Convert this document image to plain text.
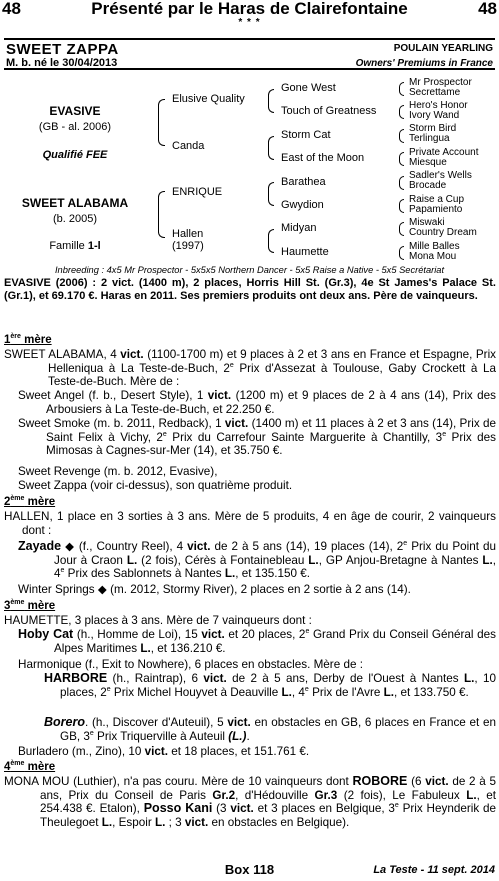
48	Présenté par le Haras de Clairefontaine	48
* * *
SWEET ZAPPA	POULAIN YEARLING
M. b. né le 30/04/2013	Owners' Premiums in France
EVASIVE
(GB - al. 2006)
Qualifié FEE
SWEET ALABAMA
(b. 2005)
Famille 1-l
Elusive Quality
Canda
ENRIQUE
Hallen
(1997)
Gone West
Touch of Greatness
Storm Cat
East of the Moon
Barathea
Gwydion
Midyan
Haumette
Mr Prospector
Secrettame
Hero's Honor
Ivory Wand
Storm Bird
Terlingua
Private Account
Miesque
Sadler's Wells
Brocade
Raise a Cup
Papamiento
Miswaki
Country Dream
Mille Balles
Mona Mou
Inbreeding : 4x5 Mr Prospector - 5x5x5 Northern Dancer - 5x5 Raise a Native - 5x5 Secrétariat
EVASIVE (2006) : 2 vict. (1400 m), 2 places, Horris Hill St. (Gr.3), 4e St James's Palace St. (Gr.1), et 69.170 €. Haras en 2011. Ses premiers produits ont deux ans. Père de vainqueurs.
1ère mère
SWEET ALABAMA, 4 vict. (1100-1700 m) et 9 places à 2 et 3 ans en France et Espagne, Prix Helleniqua à La Teste-de-Buch, 2e Prix d'Assezat à Toulouse, Gaby Crockett à La Teste-de-Buch. Mère de :
Sweet Angel (f. b., Desert Style), 1 vict. (1200 m) et 9 places de 2 à 4 ans (14), Prix des Arbousiers à La Teste-de-Buch, et 22.250 €.
Sweet Smoke (m. b. 2011, Redback), 1 vict. (1400 m) et 11 places à 2 et 3 ans (14), Prix de Saint Felix à Vichy, 2e Prix du Carrefour Sainte Marguerite à Chantilly, 3e Prix des Mimosas à Cagnes-sur-Mer (14), et 35.750 €.
Sweet Revenge (m. b. 2012, Evasive),
Sweet Zappa (voir ci-dessus), son quatrième produit.
2ème mère
HALLEN, 1 place en 3 sorties à 3 ans. Mère de 5 produits, 4 en âge de courir, 2 vainqueurs dont :
Zayade ◆ (f., Country Reel), 4 vict. de 2 à 5 ans (14), 19 places (14), 2e Prix du Point du Jour à Craon L. (2 fois), Cérès à Fontainebleau L., GP Anjou-Bretagne à Nantes L., 4e Prix des Sablonnets à Nantes L., et 135.150 €.
Winter Springs ◆ (m. 2012, Stormy River), 2 places en 2 sortie à 2 ans (14).
3ème mère
HAUMETTE, 3 places à 3 ans. Mère de 7 vainqueurs dont :
Hoby Cat (h., Homme de Loi), 15 vict. et 20 places, 2e Grand Prix du Conseil Général des Alpes Maritimes L., et 136.210 €.
Harmonique (f., Exit to Nowhere), 6 places en obstacles. Mère de :
HARBORE (h., Raintrap), 6 vict. de 2 à 5 ans, Derby de l'Ouest à Nantes L., 10 places, 2e Prix Michel Houyvet à Deauville L., 4e Prix de l'Avre L., et 133.750 €.
Borero. (h., Discover d'Auteuil), 5 vict. en obstacles en GB, 6 places en France et en GB, 3e Prix Triquerville à Auteuil (L.).
Burladero (m., Zino), 10 vict. et 18 places, et 151.761 €.
4ème mère
MONA MOU (Luthier), n'a pas couru. Mère de 10 vainqueurs dont ROBORE (6 vict. de 2 à 5 ans, Prix du Conseil de Paris Gr.2, d'Hédouville Gr.3 (2 fois), Le Fabuleux L., et 254.438 €. Etalon), Posso Kani (3 vict. et 3 places en Belgique, 3e Prix Heynderik de Theulegoet L., Espoir L. ; 3 vict. en obstacles en Belgique).
Box 118	La Teste - 11 sept. 2014
